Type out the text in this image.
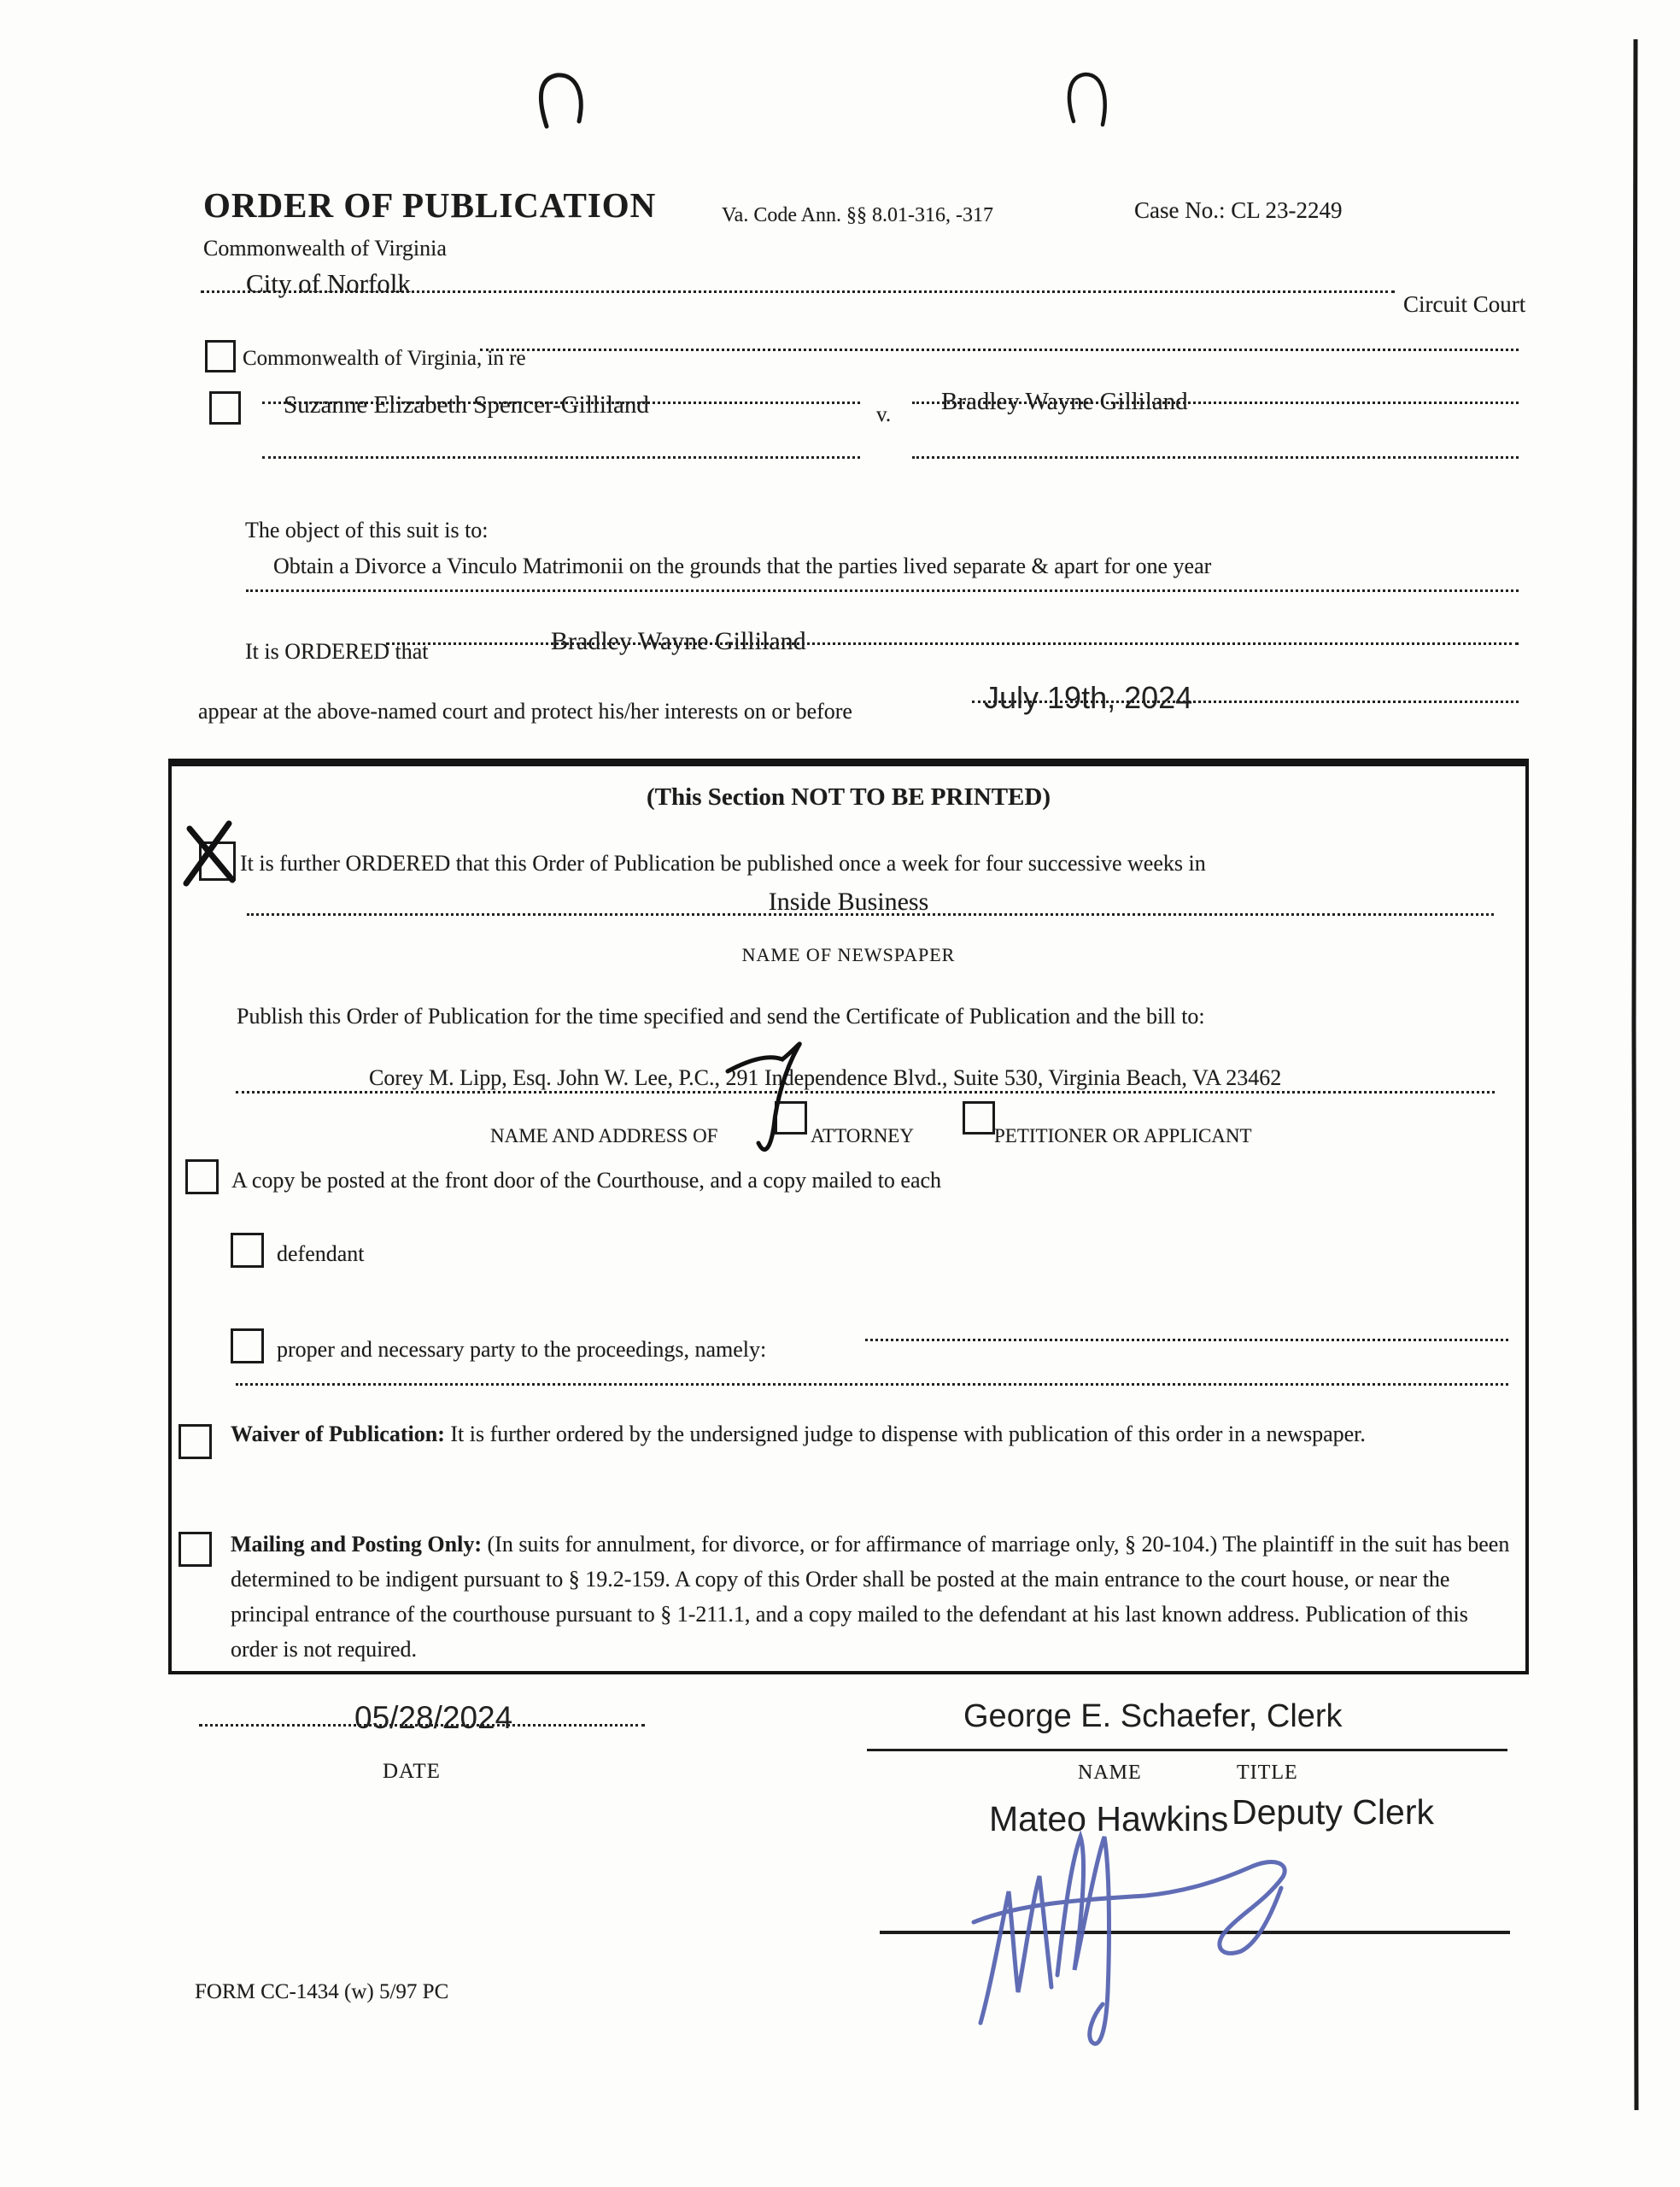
ORDER OF PUBLICATION	Va. Code Ann. §§ 8.01-316, -317	Case No.: CL 23-2249
Commonwealth of Virginia
City of Norfolk
Circuit Court
Commonwealth of Virginia, in re
Suzanne Elizabeth Spencer-Gilliland	v. Bradley Wayne Gilliland
The object of this suit is to:
Obtain a Divorce a Vinculo Matrimonii on the grounds that the parties lived separate & apart for one year
It is ORDERED that	Bradley Wayne Gilliland
appear at the above-named court and protect his/her interests on or before	July 19th, 2024
(This Section NOT TO BE PRINTED)
It is further ORDERED that this Order of Publication be published once a week for four successive weeks in
Inside Business
NAME OF NEWSPAPER
Publish this Order of Publication for the time specified and send the Certificate of Publication and the bill to:
Corey M. Lipp, Esq. John W. Lee, P.C., 291 Independence Blvd., Suite 530, Virginia Beach, VA 23462
NAME AND ADDRESS OF	ATTORNEY	PETITIONER OR APPLICANT
A copy be posted at the front door of the Courthouse, and a copy mailed to each
defendant
proper and necessary party to the proceedings, namely:

Waiver of Publication: It is further ordered by the undersigned judge to dispense with publication of this order in a newspaper.

Mailing and Posting Only: (In suits for annulment, for divorce, or for affirmance of marriage only, § 20-104.) The plaintiff in the suit has been determined to be indigent pursuant to § 19.2-159. A copy of this Order shall be posted at the main entrance to the court house, or near the principal entrance of the courthouse pursuant to § 1-211.1, and a copy mailed to the defendant at his last known address. Publication of this order is not required.

05/28/2024
DATE
George E. Schaefer, Clerk
NAME	TITLE
Mateo Hawkins Deputy Clerk
FORM CC-1434 (w) 5/97 PC
